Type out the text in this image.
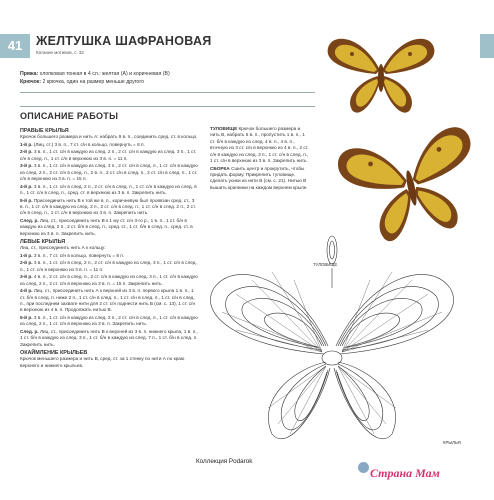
41	ЖЕЛТУШКА ШАФРАНОВАЯ
Катание мотивов, с. 32
Пряжа: хлопковая тонкая в 4 сл.: желтая (А) и коричневая (В)
Крючок: 2 крючка, один на размер меньше другого
ОПИСАНИЕ РАБОТЫ
ПРАВЫЕ КРЫЛЬЯ

Крючок большего размера и нить А: набрать 9 в. п., соединить сред. ст. в кольцо.

1-й р. (Лиц. ст.) 3 в. п., 7 ст. с/н в кольцо, повернуть = 8 п.

2-й р. 3 в. п., 1 ст. с/н в каждую из след. 2 п., 2 ст. с/н в каждую из след. 3 п., 1 ст. с/н в след. п., 1 ст. с/н в верхнюю из 3 в. п. = 11 п.

3-й р. 3 в. п., 1 ст. с/н в каждую из след. 3 п., 2 ст. с/н в след. п., 1 ст. с/н в каждую из след. 2 п., 2 ст. с/н в след. п., 2 в. п., 2 ст. с/н в след. п., 2 ст. с/н в след. п., 1 ст. с/н в верхнюю из 3 в. п. = 15 п.

4-й р. 3 в. п., 1 ст. с/н в след. 2 п., 2 ст. с/н в след. п., 1 ст. с/н в каждую из след. 6 п., 1 ст. с/н в след. п., сред. ст. в верхнюю из 3 в. п. Закрепить нить.

5-й р. Присоединить нить В к той же в. п., коричневую был провязан сред. ст., 3 в. п., 1 ст. с/н в каждую из след. 2 п., 2 ст. с/н в след. п., 1 ст. с/н в след. 2 п., 2 ст. с/н в след. п., 1 ст. с/н в верхнюю из 3 в. п. Закрепить нить.

След. р. Лиц. ст., присоединить нить В к 1 му ст. с/н 3-го р., 1 в. п., 1 ст. б/н в каждую из след. 2 п., 2 ст. б/н в след. п., сред. ст., 1 ст. б/н в след. п., сред. ст. в верхнюю из 3 в. п. Закрепить нить.

ЛЕВЫЕ КРЫЛЬЯ

Лиц. ст., присоединить нить А к кольцу:

1-й р. 3 в. п., 7 ст. с/н в кольцо, повернуть = 8 п.

2-й р. 3 в. п., 1 ст. с/н в след. 2 п., 2 ст. с/н в каждую из след. 3 п., 1 ст. с/н в след. п., 1 ст. с/н в верхнюю из 3 в. п. = 11 п.

3-й р. 4 в. п., 2 ст. с/н в след. п., 2 ст. с/н в каждую из след. 3 п., 1 ст. с/н в каждую из след. 2 п., 2 ст. с/н в верхнюю из 3 в. п. = 15 п. Закрепить нить.

4-й р. Лиц. ст., присоединить нить А к верхней из 3 в. п. первого крыла 1 в. п., 1 ст. б/н в след. п. ниже 2 п., 1 ст. с/н в след. п., 1 ст. с/н в след. п., 1 ст. с/н в след. п., при последнем захвате нити для 2 ст. с/н поднести нить В (см. с. 13), 1 ст. с/н в верхнюю из 4 в. п. Продолжать нитью В.

5-й р. 3 в. п., 1 ст. с/н в каждую из след. 2 п., 2 ст. с/н в след. п., 1 ст. с/н в каждую из след. 2 п., 1 ст. с/н в верхнюю из 3 в. п. Закрепить нить.

След. р. Лиц. ст., присоединить нить В к верхней из 3 в. п. нижнего крыла, 1 в. п., 1 ст. б/н в каждую из след. 3 п., 1 ст. б/н в каждую из след. 7 п., 1 ст. б/н в след. п. Закрепить нить.

ОКАЙМЛЕНИЕ КРЫЛЬЕВ

Крючок меньшего размера и нить В, сред. ст. за 1 стенку по нити А по краю верхнего и нижнего крыльев.

ТУЛОВИЩЕ Крючок большего размера и нить В, набрать 5 в. п., пропустить 1 в. п., 1 ст. б/н в каждую из след. 4 в. п., 4 в. п., вточную из 3 ст. с/н в верхнюю из 4 в. п., 2 ст. с/н в каждую из след. 3 п., 1 ст. с/н в след. п., 1 ст. с/н в верхнюю из 3 в. п. Закрепить нить.

СБОРКА Сшить центр и прокрутить, чтобы придать форму. Прикрепить туловище, сделать усики из нити В (см. с. 21). Нитью В вышить крапинки на каждом верхнем крыле.

ТУЛОВИЩЕ
КРЫЛЬЯ
Коллекция Podarok
Страна Мам
